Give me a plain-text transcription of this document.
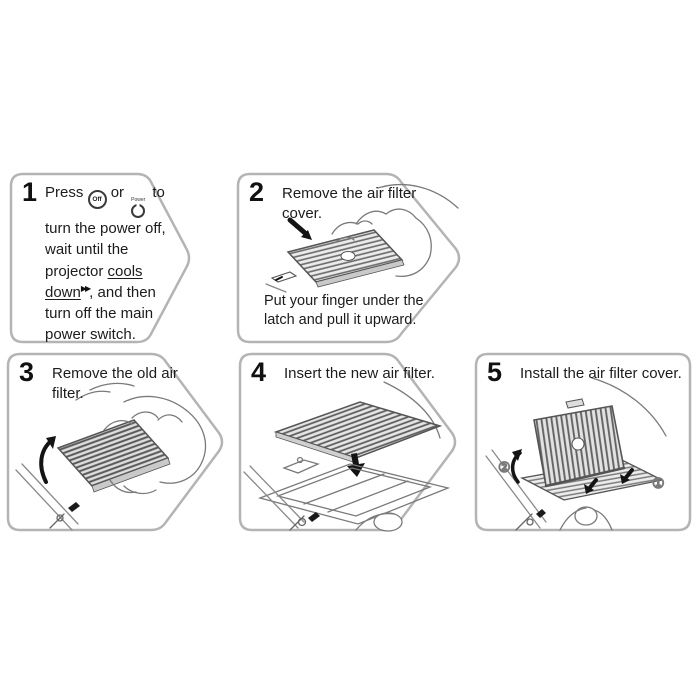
1 Press Off or Power to turn the power off, wait until the projector cools down▶▶, and then turn off the main power switch.

2 Remove the air filter cover.
Put your finger under the latch and pull it upward.
3 Remove the old air filter.
4 Insert the new air filter.
②
①
5 Install the air filter cover.
